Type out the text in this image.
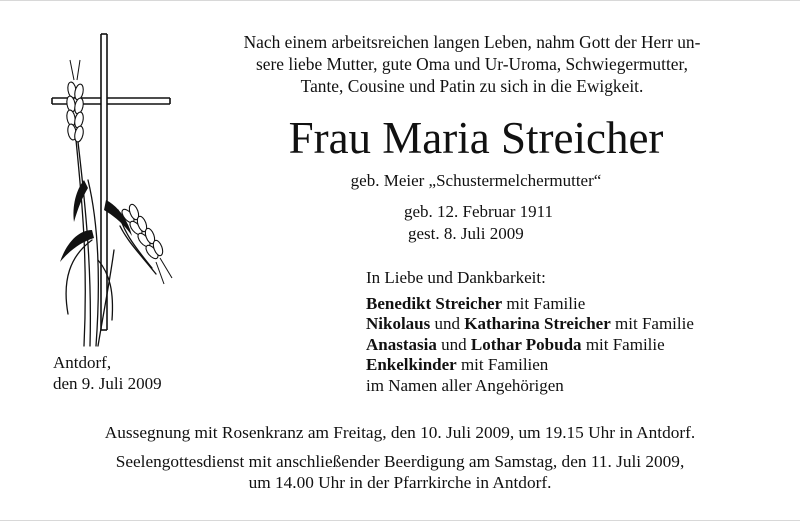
Nach einem arbeitsreichen langen Leben, nahm Gott der Herr un-
sere liebe Mutter, gute Oma und Ur-Uroma, Schwiegermutter,
Tante, Cousine und Patin zu sich in die Ewigkeit.
Frau Maria Streicher
geb. Meier „Schustermelchermutter“
geb. 12. Februar 1911
gest. 8. Juli 2009
In Liebe und Dankbarkeit:
Benedikt Streicher mit Familie
Nikolaus und Katharina Streicher mit Familie
Anastasia und Lothar Pobuda mit Familie
Enkelkinder mit Familien
im Namen aller Angehörigen
Antdorf,
den 9. Juli 2009
Aussegnung mit Rosenkranz am Freitag, den 10. Juli 2009, um 19.15 Uhr in Antdorf.
Seelengottesdienst mit anschließender Beerdigung am Samstag, den 11. Juli 2009,
um 14.00 Uhr in der Pfarrkirche in Antdorf.
